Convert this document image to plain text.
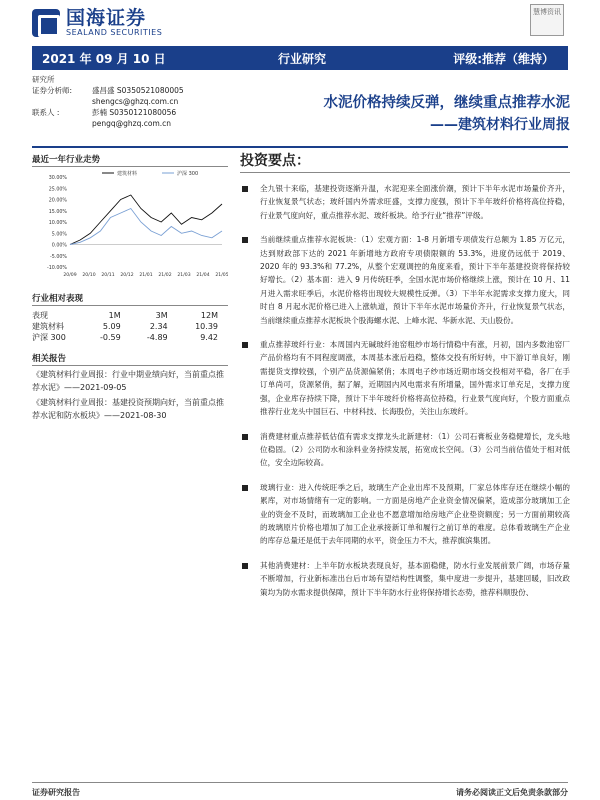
国海证券
SEALAND SECURITIES
慧博资讯
2021 年 09 月 10 日	行业研究	评级:推荐（维持）
研究所
证券分析师:	盛昌盛 S0350521080005
shengcs@ghzq.com.cn
联系人 :	彭楠 S0350121080056
pengq@ghzq.com.cn
水泥价格持续反弹，继续重点推荐水泥
——建筑材料行业周报
最近一年行业走势
-10.00%
-5.00%
0.00%
5.00%
10.00%
15.00%
20.00%
25.00%
30.00%
20/09 20/10 20/11 20/12 21/01 21/02 21/03 21/04 21/05
建筑材料	沪深 300
行业相对表现
表现	1M	3M	12M
建筑材料	5.09	2.34	10.39
沪深 300	-0.59	-4.89	9.42
相关报告
《建筑材料行业周报：行业中期业绩向好，当前重点推荐水泥》——2021-09-05
《建筑材料行业周报：基建投资预期向好，当前重点推荐水泥和防水板块》——2021-08-30
投资要点：
全九银十来临，基建投资逐渐升温，水泥迎来全面涨价潮，预计下半年水泥市场量价齐升，行业恢复景气状态；玻纤国内外需求旺盛，支撑力度强，预计下半年玻纤价格将高位持稳，行业景气度向好，重点推荐水泥、玻纤板块。给予行业“推荐”评级。
当前继续重点推荐水泥板块：（1）宏观方面：1-8 月新增专项债发行总额为 1.85 万亿元，达到财政部下达的 2021 年新增地方政府专项债限额的 53.3%，进度仍远低于 2019、2020 年的 93.3%和 77.2%，从整个宏观调控的角度来看，预计下半年基建投资将保持较好增长。（2）基本面：进入 9 月传统旺季，全国水泥市场价格继续上涨，预计在 10 月、11 月进入需求旺季后，水泥价格将出现较大规模性反弹。（3）下半年水泥需求支撑力度大，同时自 8 月起水泥价格已进入上涨轨道，预计下半年水泥市场量价齐升，行业恢复景气状态，当前继续重点推荐水泥板块个股海螺水泥、上峰水泥、华新水泥、天山股份。
重点推荐玻纤行业：本周国内无碱玻纤池窑粗纱市场行情稳中有涨，月初，国内多数池窑厂产品价格均有不同程度调涨，本周基本涨后趋稳，整体交投有所好转，中下游订单良好，刚需提货支撑较强，个别产品货源偏紧俏；本周电子纱市场近期市场交投相对平稳，各厂在手订单尚可，货源紧俏，据了解，近期国内风电需求有所增量，国外需求订单充足，支撑力度强，企业库存持续下降，预计下半年玻纤价格将高位持稳，行业景气度向好，个股方面重点推荐行业龙头中国巨石、中材科技、长海股份，关注山东玻纤。
消费建材重点推荐低估值有需求支撑龙头北新建材：（1）公司石膏板业务稳健增长，龙头地位稳固。（2）公司防水和涂料业务持续发展，拓宽成长空间。（3）公司当前估值处于相对低位，安全边际较高。
玻璃行业：进入传统旺季之后，玻璃生产企业出库不及预期，厂家总体库存还在继续小幅的累库，对市场情绪有一定的影响。一方面是房地产企业资金情况偏紧，造成部分玻璃加工企业的资金不及时，而玻璃加工企业也不愿意增加给房地产企业垫资额度；另一方面前期较高的玻璃原片价格也增加了加工企业承接新订单和履行之前订单的难度。总体看玻璃生产企业的库存总量还是低于去年同期的水平，资金压力不大，推荐旗滨集团。
其他消费建材：上半年防水板块表现良好，基本面稳健，防水行业发展前景广阔，市场存量不断增加，行业新标准出台后市场有望结构性调整，集中度进一步提升，基建回暖，旧改政策均为防水需求提供保障，预计下半年防水行业将保持增长态势，推荐科顺股份、
证券研究报告	请务必阅读正文后免责条款部分
